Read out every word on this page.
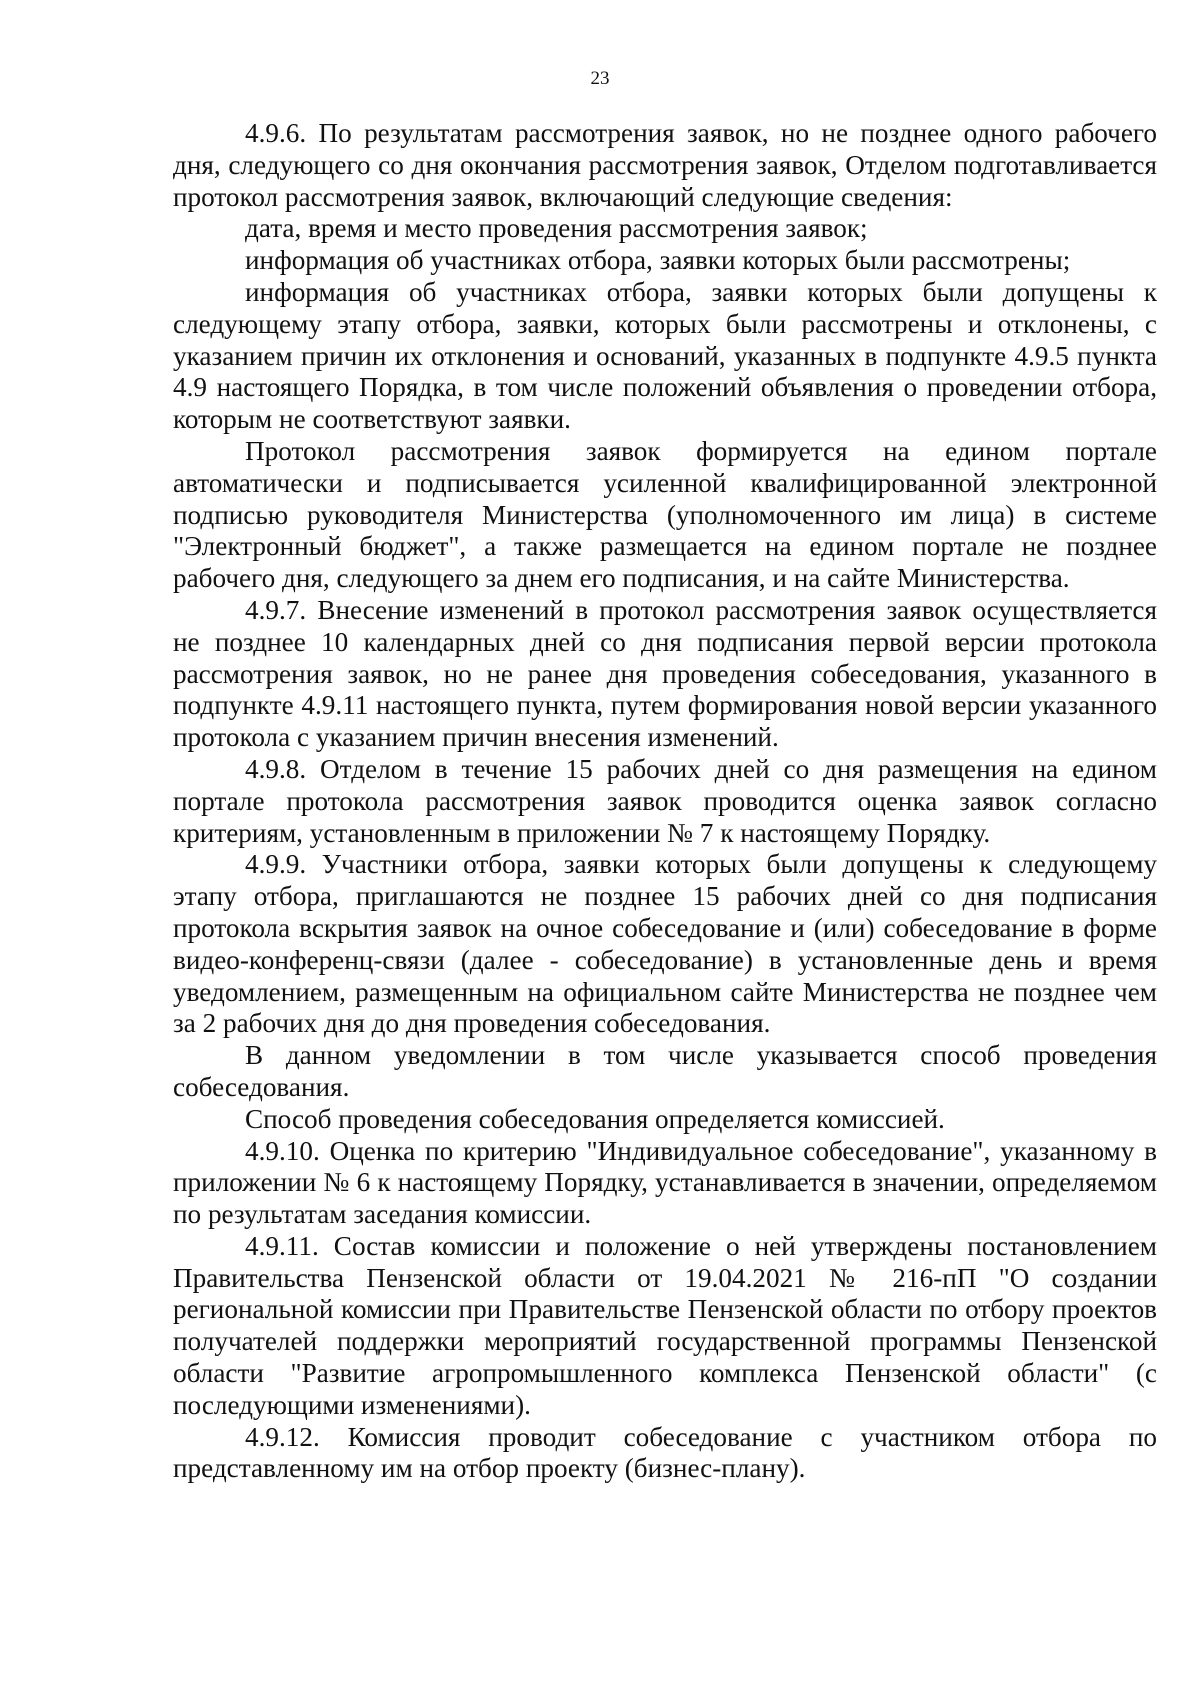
23

4.9.6. По результатам рассмотрения заявок, но не позднее одного рабочего дня, следующего со дня окончания рассмотрения заявок, Отделом подготавливается протокол рассмотрения заявок, включающий следующие сведения:

дата, время и место проведения рассмотрения заявок;

информация об участниках отбора, заявки которых были рассмотрены;

информация об участниках отбора, заявки которых были допущены к следующему этапу отбора, заявки, которых были рассмотрены и отклонены, с указанием причин их отклонения и оснований, указанных в подпункте 4.9.5 пункта 4.9 настоящего Порядка, в том числе положений объявления о проведении отбора, которым не соответствуют заявки.

Протокол рассмотрения заявок формируется на едином портале автоматически и подписывается усиленной квалифицированной электронной подписью руководителя Министерства (уполномоченного им лица) в системе "Электронный бюджет", а также размещается на едином портале не позднее рабочего дня, следующего за днем его подписания, и на сайте Министерства.

4.9.7. Внесение изменений в протокол рассмотрения заявок осуществляется не позднее 10 календарных дней со дня подписания первой версии протокола рассмотрения заявок, но не ранее дня проведения собеседования, указанного в подпункте 4.9.11 настоящего пункта, путем формирования новой версии указанного протокола с указанием причин внесения изменений.

4.9.8. Отделом в течение 15 рабочих дней со дня размещения на едином портале протокола рассмотрения заявок проводится оценка заявок согласно критериям, установленным в приложении № 7 к настоящему Порядку.

4.9.9. Участники отбора, заявки которых были допущены к следующему этапу отбора, приглашаются не позднее 15 рабочих дней со дня подписания протокола вскрытия заявок на очное собеседование и (или) собеседование в форме видео-конференц-связи (далее - собеседование) в установленные день и время уведомлением, размещенным на официальном сайте Министерства не позднее чем за 2 рабочих дня до дня проведения собеседования.

В данном уведомлении в том числе указывается способ проведения собеседования.

Способ проведения собеседования определяется комиссией.

4.9.10. Оценка по критерию "Индивидуальное собеседование", указанному в приложении № 6 к настоящему Порядку, устанавливается в значении, определяемом по результатам заседания комиссии.

4.9.11. Состав комиссии и положение о ней утверждены постановлением Правительства Пензенской области от 19.04.2021 № 216-пП "О создании региональной комиссии при Правительстве Пензенской области по отбору проектов получателей поддержки мероприятий государственной программы Пензенской области "Развитие агропромышленного комплекса Пензенской области" (с последующими изменениями).

4.9.12. Комиссия проводит собеседование с участником отбора по представленному им на отбор проекту (бизнес-плану).
